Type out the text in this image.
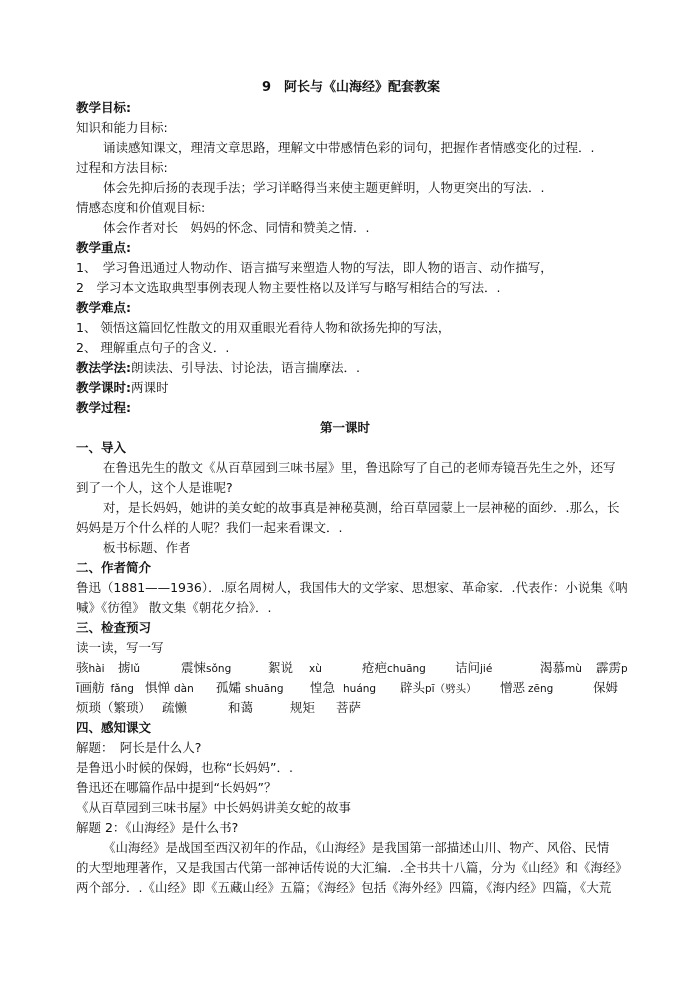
9　阿长与《山海经》配套教案
教学目标:
知识和能力目标:
诵读感知课文，理清文章思路，理解文中带感情色彩的词句，把握作者情感变化的过程．.
过程和方法目标:
体会先抑后扬的表现手法；学习详略得当来使主题更鲜明，人物更突出的写法．.
情感态度和价值观目标:
体会作者对长　妈妈的怀念、同情和赞美之情．.
教学重点:
1、　学习鲁迅通过人物动作、语言描写来塑造人物的写法，即人物的语言、动作描写，
2　学习本文选取典型事例表现人物主要性格以及详写与略写相结合的写法．.
教学难点:
1、 领悟这篇回忆性散文的用双重眼光看待人物和欲扬先抑的写法，
2、 理解重点句子的含义．.
教法学法:朗读法、引导法、讨论法，语言揣摩法．.
教学课时:两课时
教学过程:
第一课时
一、导入
在鲁迅先生的散文《从百草园到三味书屋》里，鲁迅除写了自己的老师寿镜吾先生之外，还写
到了一个人，这个人是谁呢?
对，是长妈妈，她讲的美女蛇的故事真是神秘莫测，给百草园蒙上一层神秘的面纱．.那么，长
妈妈是万个什么样的人呢？我们一起来看课文．.
板书标题、作者
二、作者简介
鲁迅（1881——1936）．.原名周树人，我国伟大的文学家、思想家、革命家．.代表作：小说集《呐
喊》《彷徨》 散文集《朝花夕拾》．.
三、检查预习
读一读，写一写
骇hài 掳lǔ	震悚sǒng	絮说 xù	疮疤chuāng 诘问jié	渴慕mù 霹雳p
ī画舫 fǎng 惧惮 dàn 孤孀 shuāng 惶急 huáng 辟头pī（劈头） 憎恶 zēng	保姆
烦琐（繁琐） 疏懒	和蔼	规矩 菩萨
四、感知课文
解题：　阿长是什么人?
是鲁迅小时候的保姆，也称“长妈妈”．.
鲁迅还在哪篇作品中提到“长妈妈”？
《从百草园到三味书屋》中长妈妈讲美女蛇的故事
解题 2：《山海经》是什么书?
《山海经》是战国至西汉初年的作品，《山海经》是我国第一部描述山川、物产、风俗、民情
的大型地理著作，又是我国古代第一部神话传说的大汇编．.全书共十八篇，分为《山经》和《海经》
两个部分．.《山经》即《五藏山经》五篇；《海经》包括《海外经》四篇，《海内经》四篇，《大荒
